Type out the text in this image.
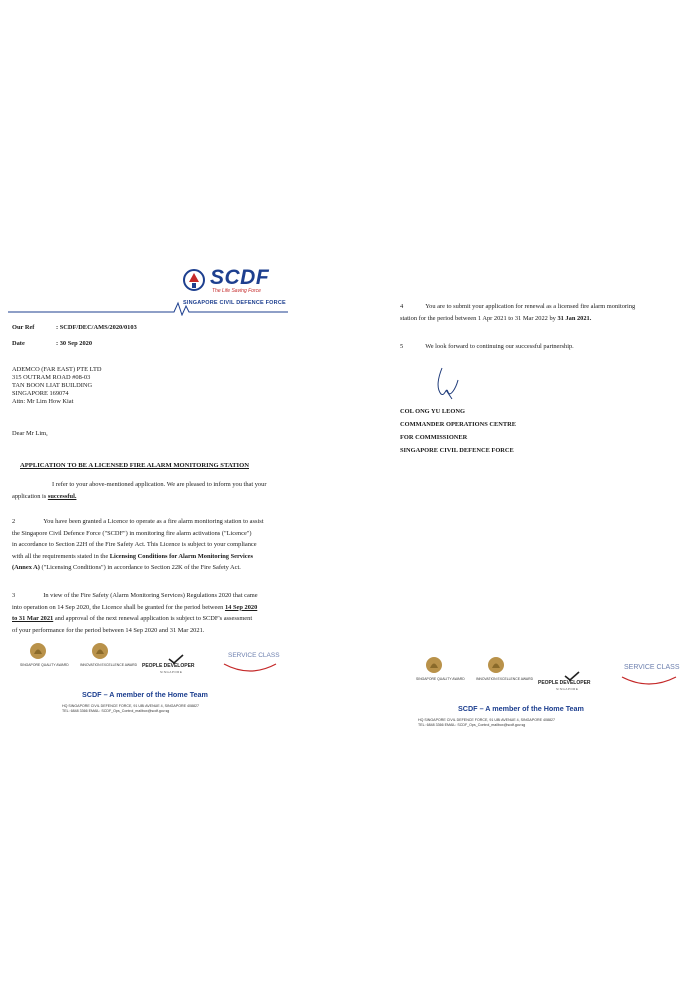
SCDF
The Life Saving Force
SINGAPORE CIVIL DEFENCE FORCE
Our Ref	: SCDF/DEC/AMS/2020/0103
Date	: 30 Sep 2020
ADEMCO (FAR EAST) PTE LTD
315 OUTRAM ROAD #08-03
TAN BOON LIAT BUILDING
SINGAPORE 169074
Attn: Mr Lim How Kiat
Dear Mr Lim,
APPLICATION TO BE A LICENSED FIRE ALARM MONITORING STATION
I refer to your above-mentioned application. We are pleased to inform you that your
application is successful.
2	You have been granted a Licence to operate as a fire alarm monitoring station to assist
the Singapore Civil Defence Force ("SCDF") in monitoring fire alarm activations ("Licence")
in accordance to Section 22H of the Fire Safety Act. This Licence is subject to your compliance
with all the requirements stated in the Licensing Conditions for Alarm Monitoring Services
(Annex A) ("Licensing Conditions") in accordance to Section 22K of the Fire Safety Act.
3	In view of the Fire Safety (Alarm Monitoring Services) Regulations 2020 that came
into operation on 14 Sep 2020, the Licence shall be granted for the period between 14 Sep 2020
to 31 Mar 2021 and approval of the next renewal application is subject to SCDF's assessment
of your performance for the period between 14 Sep 2020 and 31 Mar 2021.
SINGAPORE QUALITY AWARD	INNOVATION EXCELLENCE AWARD PEOPLE DEVELOPER
SINGAPORE
SERVICE CLASS
SCDF – A member of the Home Team
HQ SINGAPORE CIVIL DEFENCE FORCE, 91 UBI AVENUE 4, SINGAPORE 408827
TEL: 6848 3366 EMAIL: SCDF_Ops_Control_mailbox@scdf.gov.sg
4	You are to submit your application for renewal as a licensed fire alarm monitoring
station for the period between 1 Apr 2021 to 31 Mar 2022 by 31 Jan 2021.
5	We look forward to continuing our successful partnership.
COL ONG YU LEONG
COMMANDER OPERATIONS CENTRE
FOR COMMISSIONER
SINGAPORE CIVIL DEFENCE FORCE
SINGAPORE QUALITY AWARD	INNOVATION EXCELLENCE AWARD
PEOPLE DEVELOPER
SINGAPORE
SERVICE CLASS
SCDF – A member of the Home Team
HQ SINGAPORE CIVIL DEFENCE FORCE, 91 UBI AVENUE 4, SINGAPORE 408827
TEL: 6848 3366 EMAIL: SCDF_Ops_Control_mailbox@scdf.gov.sg
